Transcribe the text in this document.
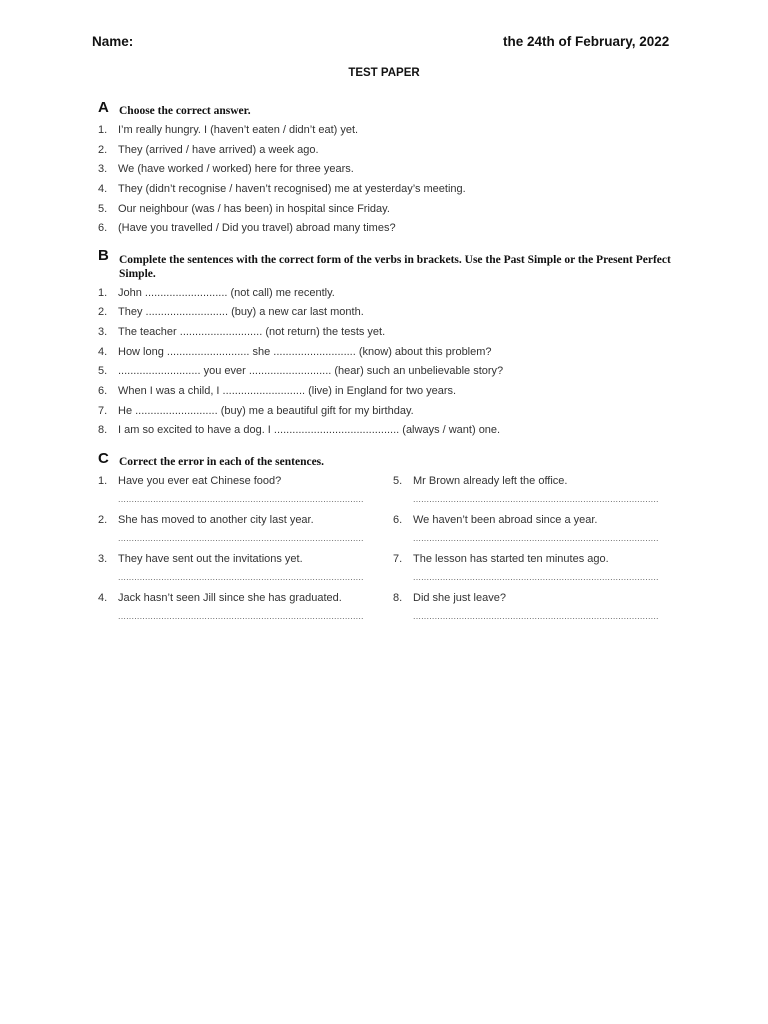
Name:	the 24th of February, 2022
TEST PAPER
A Choose the correct answer.
1. I’m really hungry. I (haven’t eaten / didn’t eat) yet.
2. They (arrived / have arrived) a week ago.
3. We (have worked / worked) here for three years.
4. They (didn’t recognise / haven’t recognised) me at yesterday’s meeting.
5. Our neighbour (was / has been) in hospital since Friday.
6. (Have you travelled / Did you travel) abroad many times?
B Complete the sentences with the correct form of the verbs in brackets. Use the Past Simple or the Present Perfect
Simple.
1. John ........................... (not call) me recently.
2. They ........................... (buy) a new car last month.
3. The teacher ........................... (not return) the tests yet.
4. How long ........................... she ........................... (know) about this problem?
5. ........................... you ever ........................... (hear) such an unbelievable story?
6. When I was a child, I ........................... (live) in England for two years.
7. He ........................... (buy) me a beautiful gift for my birthday.
8. I am so excited to have a dog. I ......................................... (always / want) one.
C Correct the error in each of the sentences.
1. Have you ever eat Chinese food?
...........................................................................................
2. She has moved to another city last year.
...........................................................................................
3. They have sent out the invitations yet.
...........................................................................................
4. Jack hasn’t seen Jill since she has graduated.
...........................................................................................
5. Mr Brown already left the office.
...........................................................................................
6. We haven’t been abroad since a year.
...........................................................................................
7. The lesson has started ten minutes ago.
...........................................................................................
8. Did she just leave?
...........................................................................................
